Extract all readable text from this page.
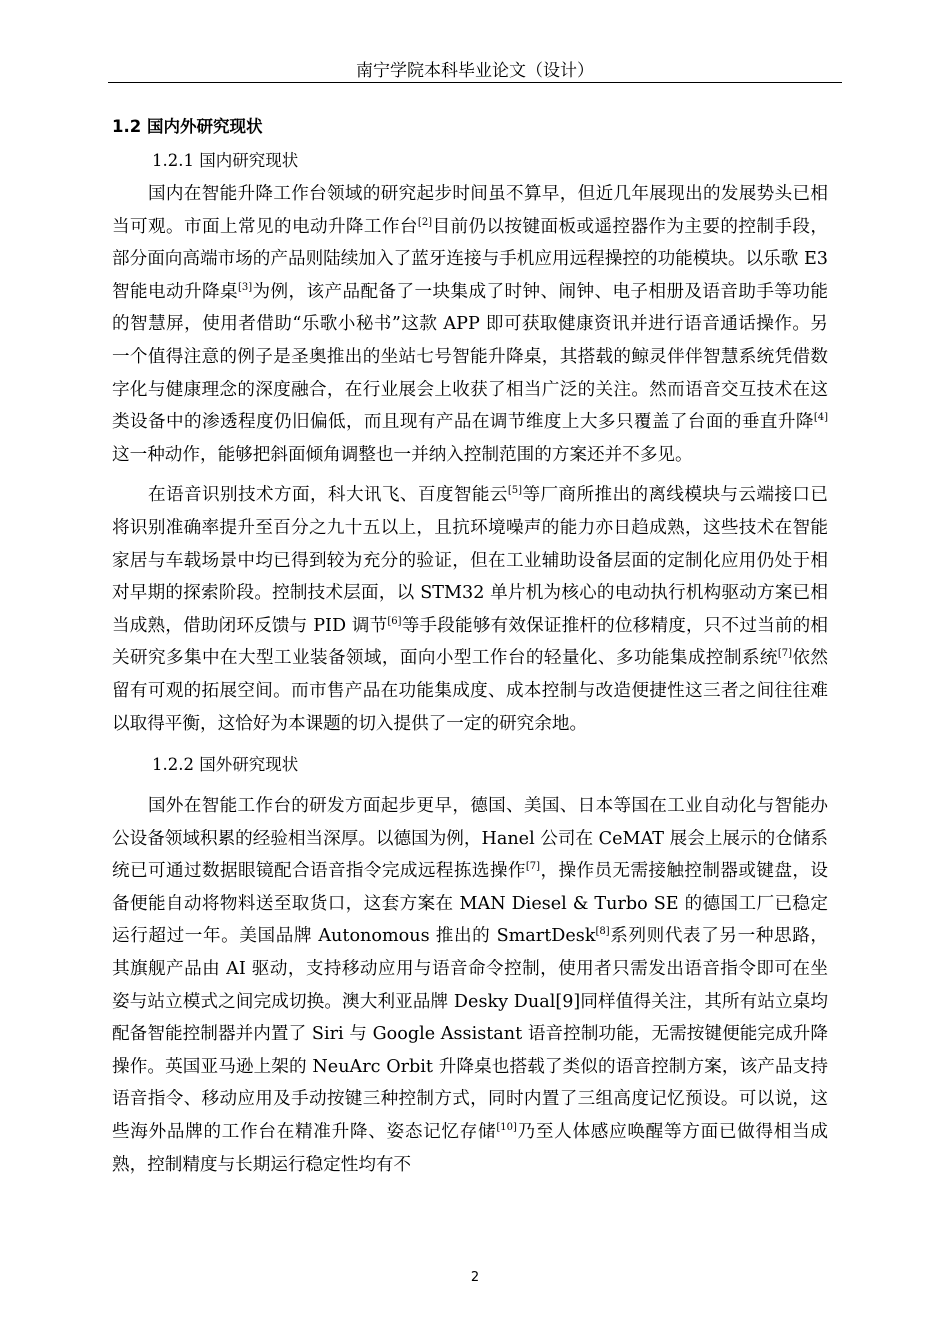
南宁学院本科毕业论文（设计）
1.2 国内外研究现状
1.2.1 国内研究现状

国内在智能升降工作台领域的研究起步时间虽不算早，但近几年展现出的发展势头已相当可观。市面上常见的电动升降工作台[2]目前仍以按键面板或遥控器作为主要的控制手段，部分面向高端市场的产品则陆续加入了蓝牙连接与手机应用远程操控的功能模块。以乐歌 E3 智能电动升降桌[3]为例，该产品配备了一块集成了时钟、闹钟、电子相册及语音助手等功能的智慧屏，使用者借助“乐歌小秘书”这款 APP 即可获取健康资讯并进行语音通话操作。另一个值得注意的例子是圣奥推出的坐站七号智能升降桌，其搭载的鲸灵伴伴智慧系统凭借数字化与健康理念的深度融合，在行业展会上收获了相当广泛的关注。然而语音交互技术在这类设备中的渗透程度仍旧偏低，而且现有产品在调节维度上大多只覆盖了台面的垂直升降[4]这一种动作，能够把斜面倾角调整也一并纳入控制范围的方案还并不多见。

在语音识别技术方面，科大讯飞、百度智能云[5]等厂商所推出的离线模块与云端接口已将识别准确率提升至百分之九十五以上，且抗环境噪声的能力亦日趋成熟，这些技术在智能家居与车载场景中均已得到较为充分的验证，但在工业辅助设备层面的定制化应用仍处于相对早期的探索阶段。控制技术层面，以 STM32 单片机为核心的电动执行机构驱动方案已相当成熟，借助闭环反馈与 PID 调节[6]等手段能够有效保证推杆的位移精度，只不过当前的相关研究多集中在大型工业装备领域，面向小型工作台的轻量化、多功能集成控制系统[7]依然留有可观的拓展空间。而市售产品在功能集成度、成本控制与改造便捷性这三者之间往往难以取得平衡，这恰好为本课题的切入提供了一定的研究余地。

1.2.2 国外研究现状

国外在智能工作台的研发方面起步更早，德国、美国、日本等国在工业自动化与智能办公设备领域积累的经验相当深厚。以德国为例，Hanel 公司在 CeMAT 展会上展示的仓储系统已可通过数据眼镜配合语音指令完成远程拣选操作[7]，操作员无需接触控制器或键盘，设备便能自动将物料送至取货口，这套方案在 MAN Diesel & Turbo SE 的德国工厂已稳定运行超过一年。美国品牌 Autonomous 推出的 SmartDesk[8]系列则代表了另一种思路，其旗舰产品由 AI 驱动，支持移动应用与语音命令控制，使用者只需发出语音指令即可在坐姿与站立模式之间完成切换。澳大利亚品牌 Desky Dual[9]同样值得关注，其所有站立桌均配备智能控制器并内置了 Siri 与 Google Assistant 语音控制功能，无需按键便能完成升降操作。英国亚马逊上架的 NeuArc Orbit 升降桌也搭载了类似的语音控制方案，该产品支持语音指令、移动应用及手动按键三种控制方式，同时内置了三组高度记忆预设。可以说，这些海外品牌的工作台在精准升降、姿态记忆存储[10]乃至人体感应唤醒等方面已做得相当成熟，控制精度与长期运行稳定性均有不

2
